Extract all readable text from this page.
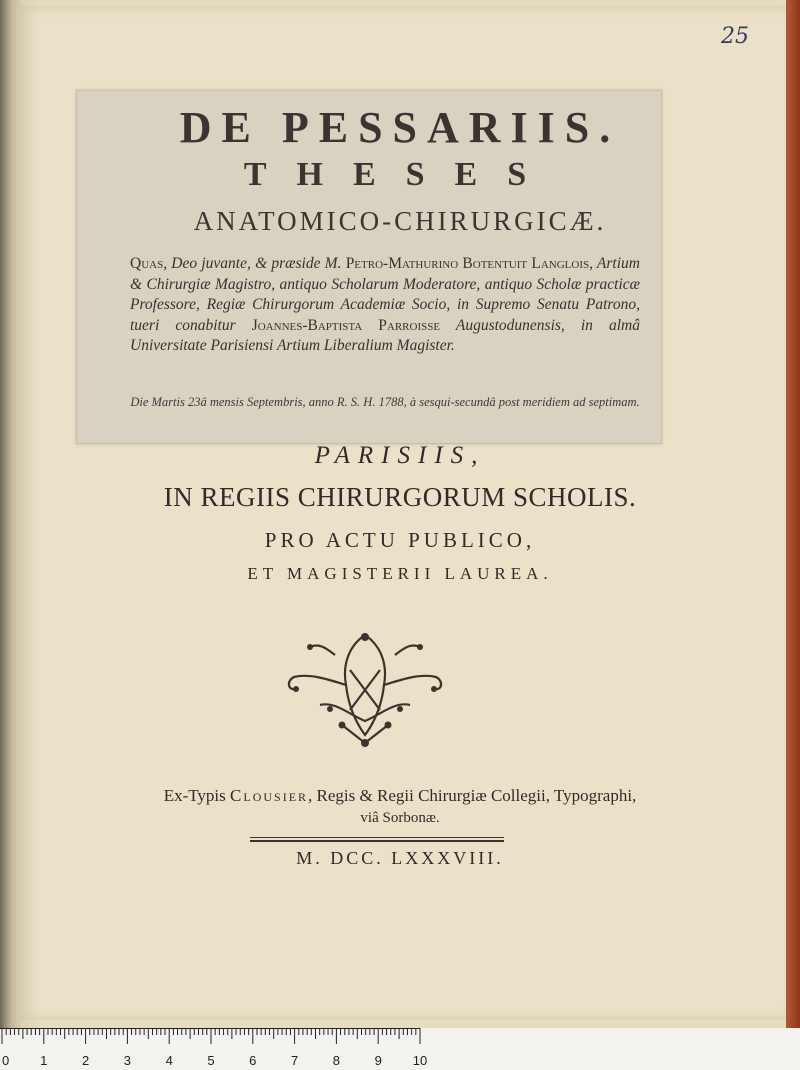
25
DE PESSARIIS.
THESES
ANATOMICO-CHIRURGICÆ.
Quas, Deo juvante, & præside M. Petro-Mathurino Botentuit Langlois, Artium & Chirurgiæ Magistro, antiquo Scholarum Moderatore, antiquo Scholæ practicæ Professore, Regiæ Chirurgorum Academiæ Socio, in Supremo Senatu Patrono, tueri conabitur Joannes-Baptista Parroisse Augustodunensis, in almâ Universitate Parisiensi Artium Liberalium Magister.
Die Martis 23â mensis Septembris, anno R. S. H. 1788, à sesqui-secundâ post meridiem ad septimam.
PARISIIS,
IN REGIIS CHIRURGORUM SCHOLIS.
PRO ACTU PUBLICO,
ET MAGISTERII LAUREA.
Ex-Typis Clousier, Regis & Regii Chirurgiæ Collegii, Typographi,
viâ Sorbonæ.
M. DCC. LXXXVIII.
0 1	2	3	4	5	6	7	8	9 10
